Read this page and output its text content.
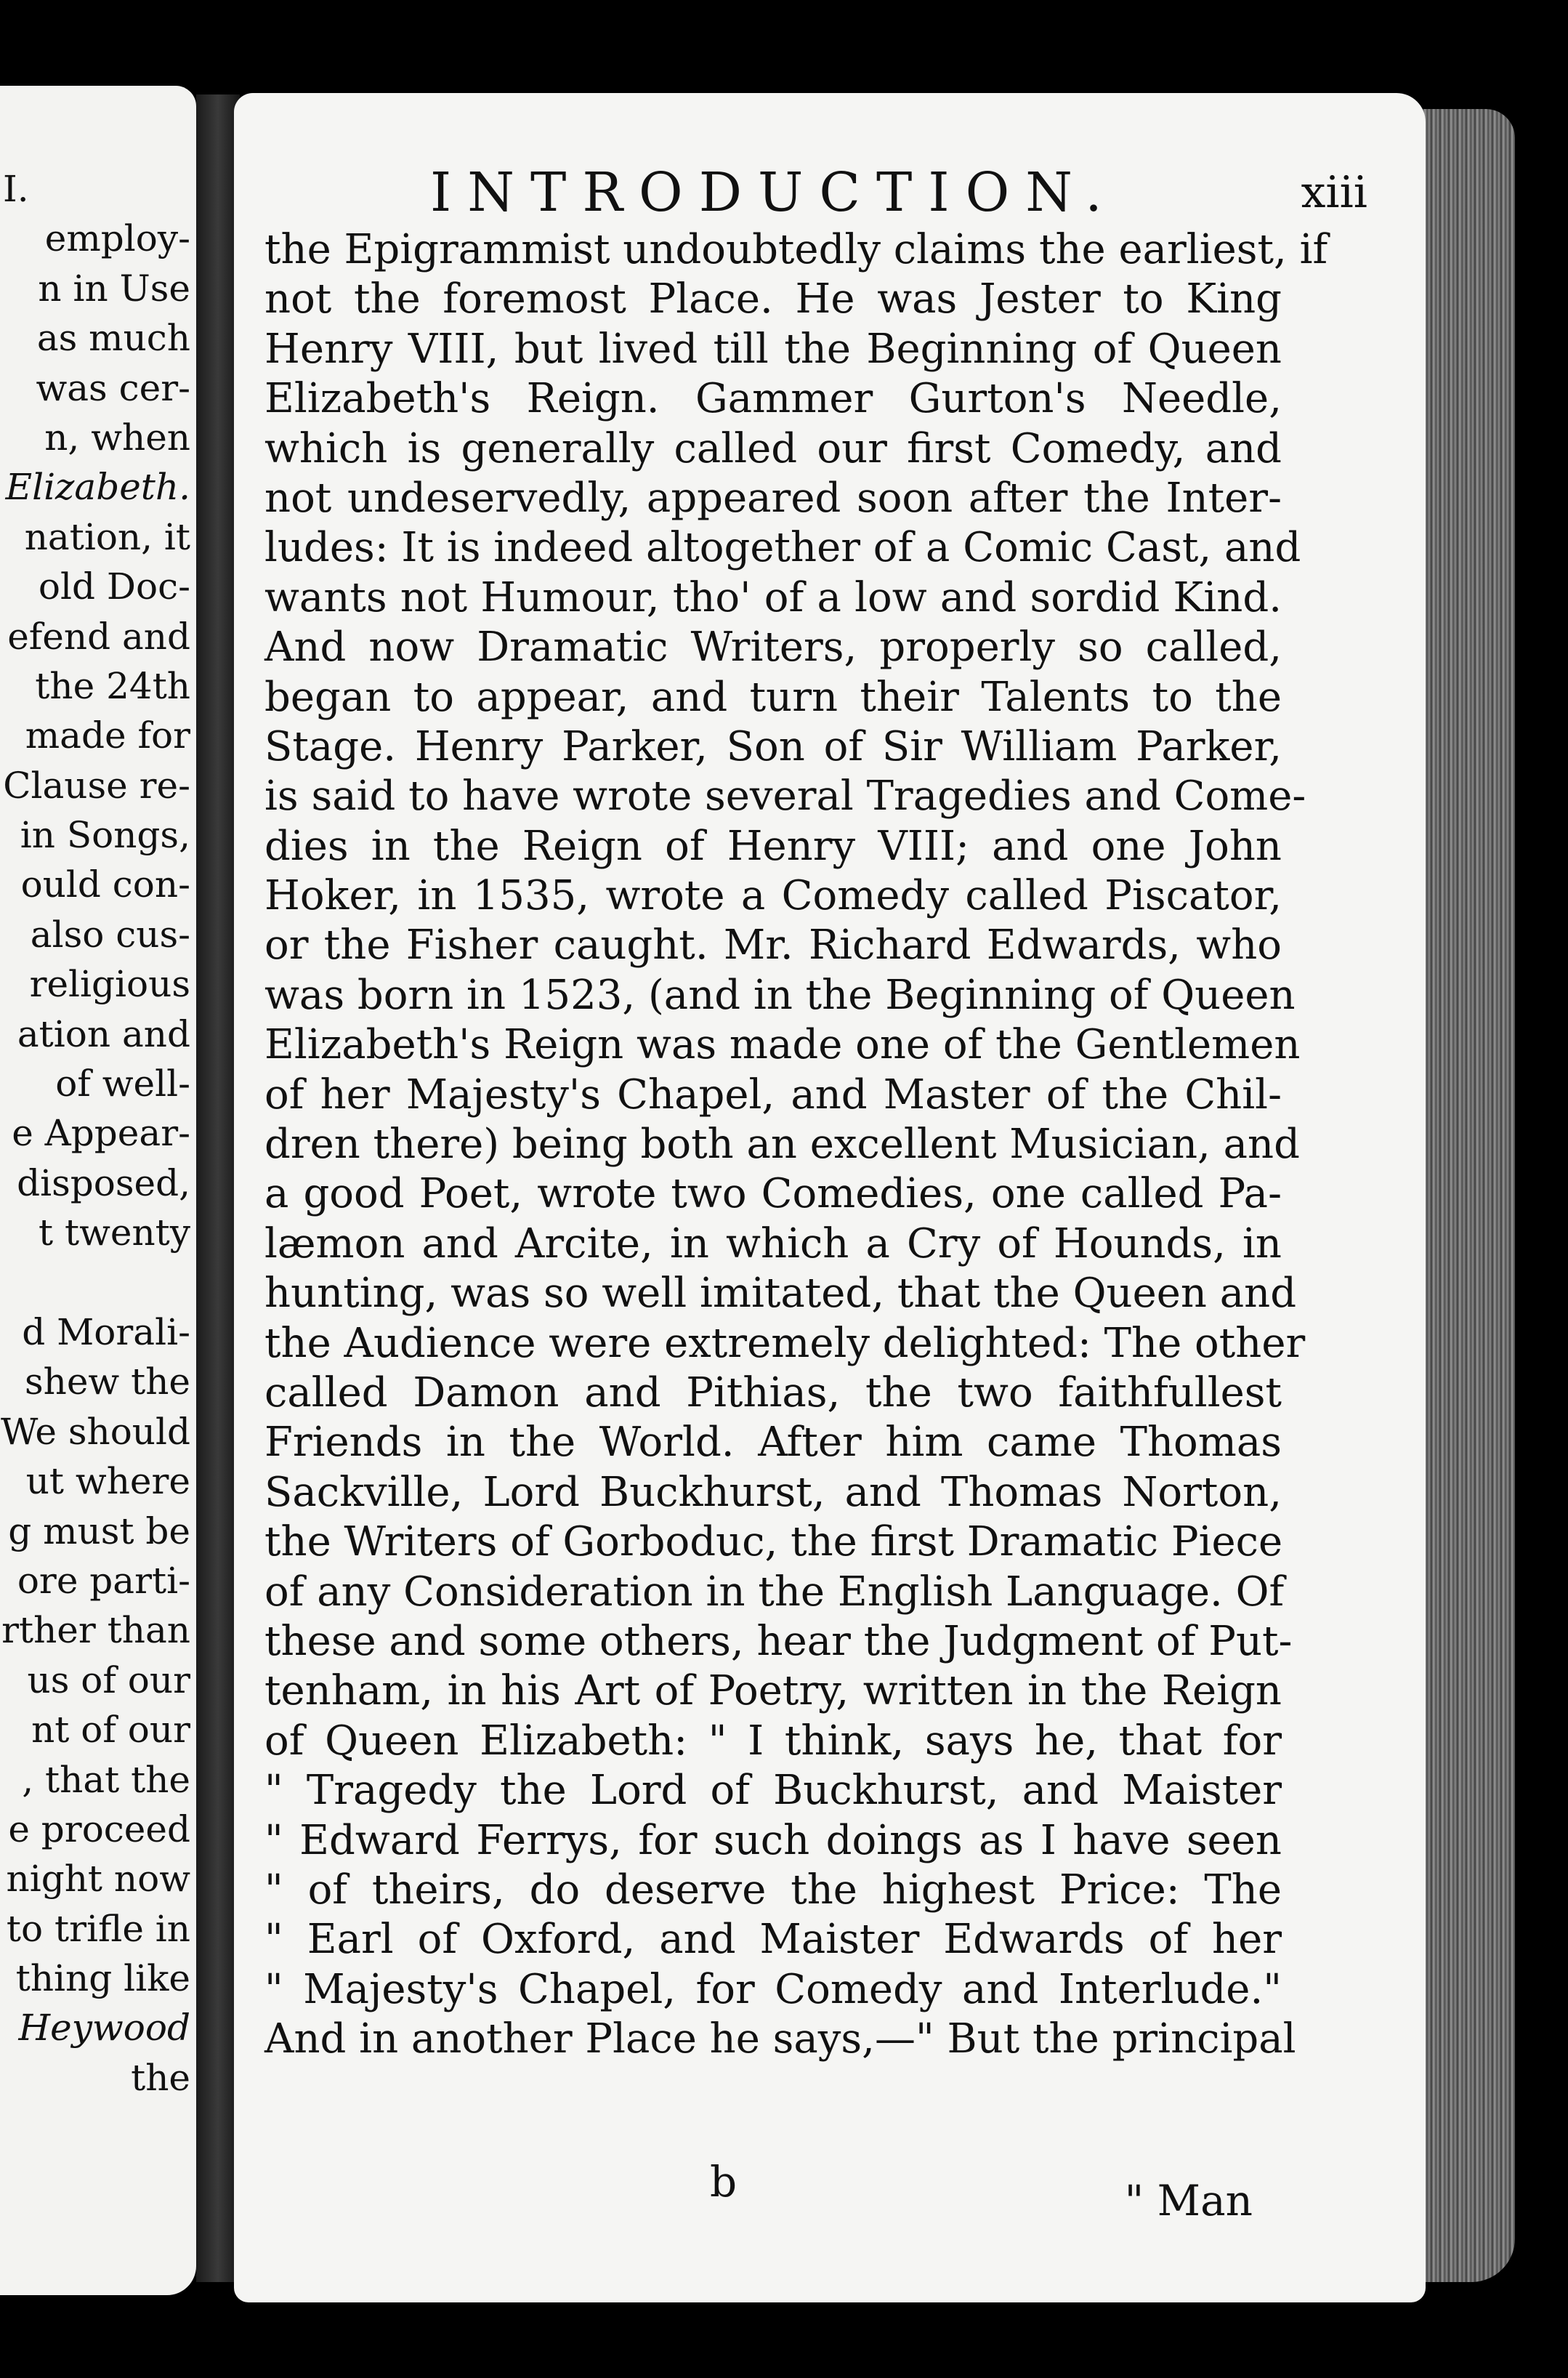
I.
employ-
n in Use
as much
was cer-
n, when
Elizabeth.
nation, it
old Doc-
efend and
the 24th
made for
Clause re-
in Songs,
ould con-
also cus-
religious
ation and
of well-
e Appear-
disposed,
t twenty
d Morali-
shew the
We should
ut where
g must be
ore parti-
rther than
us of our
nt of our
, that the
e proceed
night now
to trifle in
thing like
Heywood
the
INTRODUCTION.	xiii
the Epigrammist undoubtedly claims the earliest, if
not the foremost Place. He was Jester to King
Henry VIII, but lived till the Beginning of Queen
Elizabeth's Reign. Gammer Gurton's Needle,
which is generally called our first Comedy, and
not undeservedly, appeared soon after the Inter-
ludes: It is indeed altogether of a Comic Cast, and
wants not Humour, tho' of a low and sordid Kind.
And now Dramatic Writers, properly so called,
began to appear, and turn their Talents to the
Stage. Henry Parker, Son of Sir William Parker,
is said to have wrote several Tragedies and Come-
dies in the Reign of Henry VIII; and one John
Hoker, in 1535, wrote a Comedy called Piscator,
or the Fisher caught. Mr. Richard Edwards, who
was born in 1523, (and in the Beginning of Queen
Elizabeth's Reign was made one of the Gentlemen
of her Majesty's Chapel, and Master of the Chil-
dren there) being both an excellent Musician, and
a good Poet, wrote two Comedies, one called Pa-
læmon and Arcite, in which a Cry of Hounds, in
hunting, was so well imitated, that the Queen and
the Audience were extremely delighted: The other
called Damon and Pithias, the two faithfullest
Friends in the World. After him came Thomas
Sackville, Lord Buckhurst, and Thomas Norton,
the Writers of Gorboduc, the first Dramatic Piece
of any Consideration in the English Language. Of
these and some others, hear the Judgment of Put-
tenham, in his Art of Poetry, written in the Reign
of Queen Elizabeth: " I think, says he, that for
" Tragedy the Lord of Buckhurst, and Maister
" Edward Ferrys, for such doings as I have seen
" of theirs, do deserve the highest Price: The
" Earl of Oxford, and Maister Edwards of her
" Majesty's Chapel, for Comedy and Interlude."
And in another Place he says,—" But the principal
b	" Man
